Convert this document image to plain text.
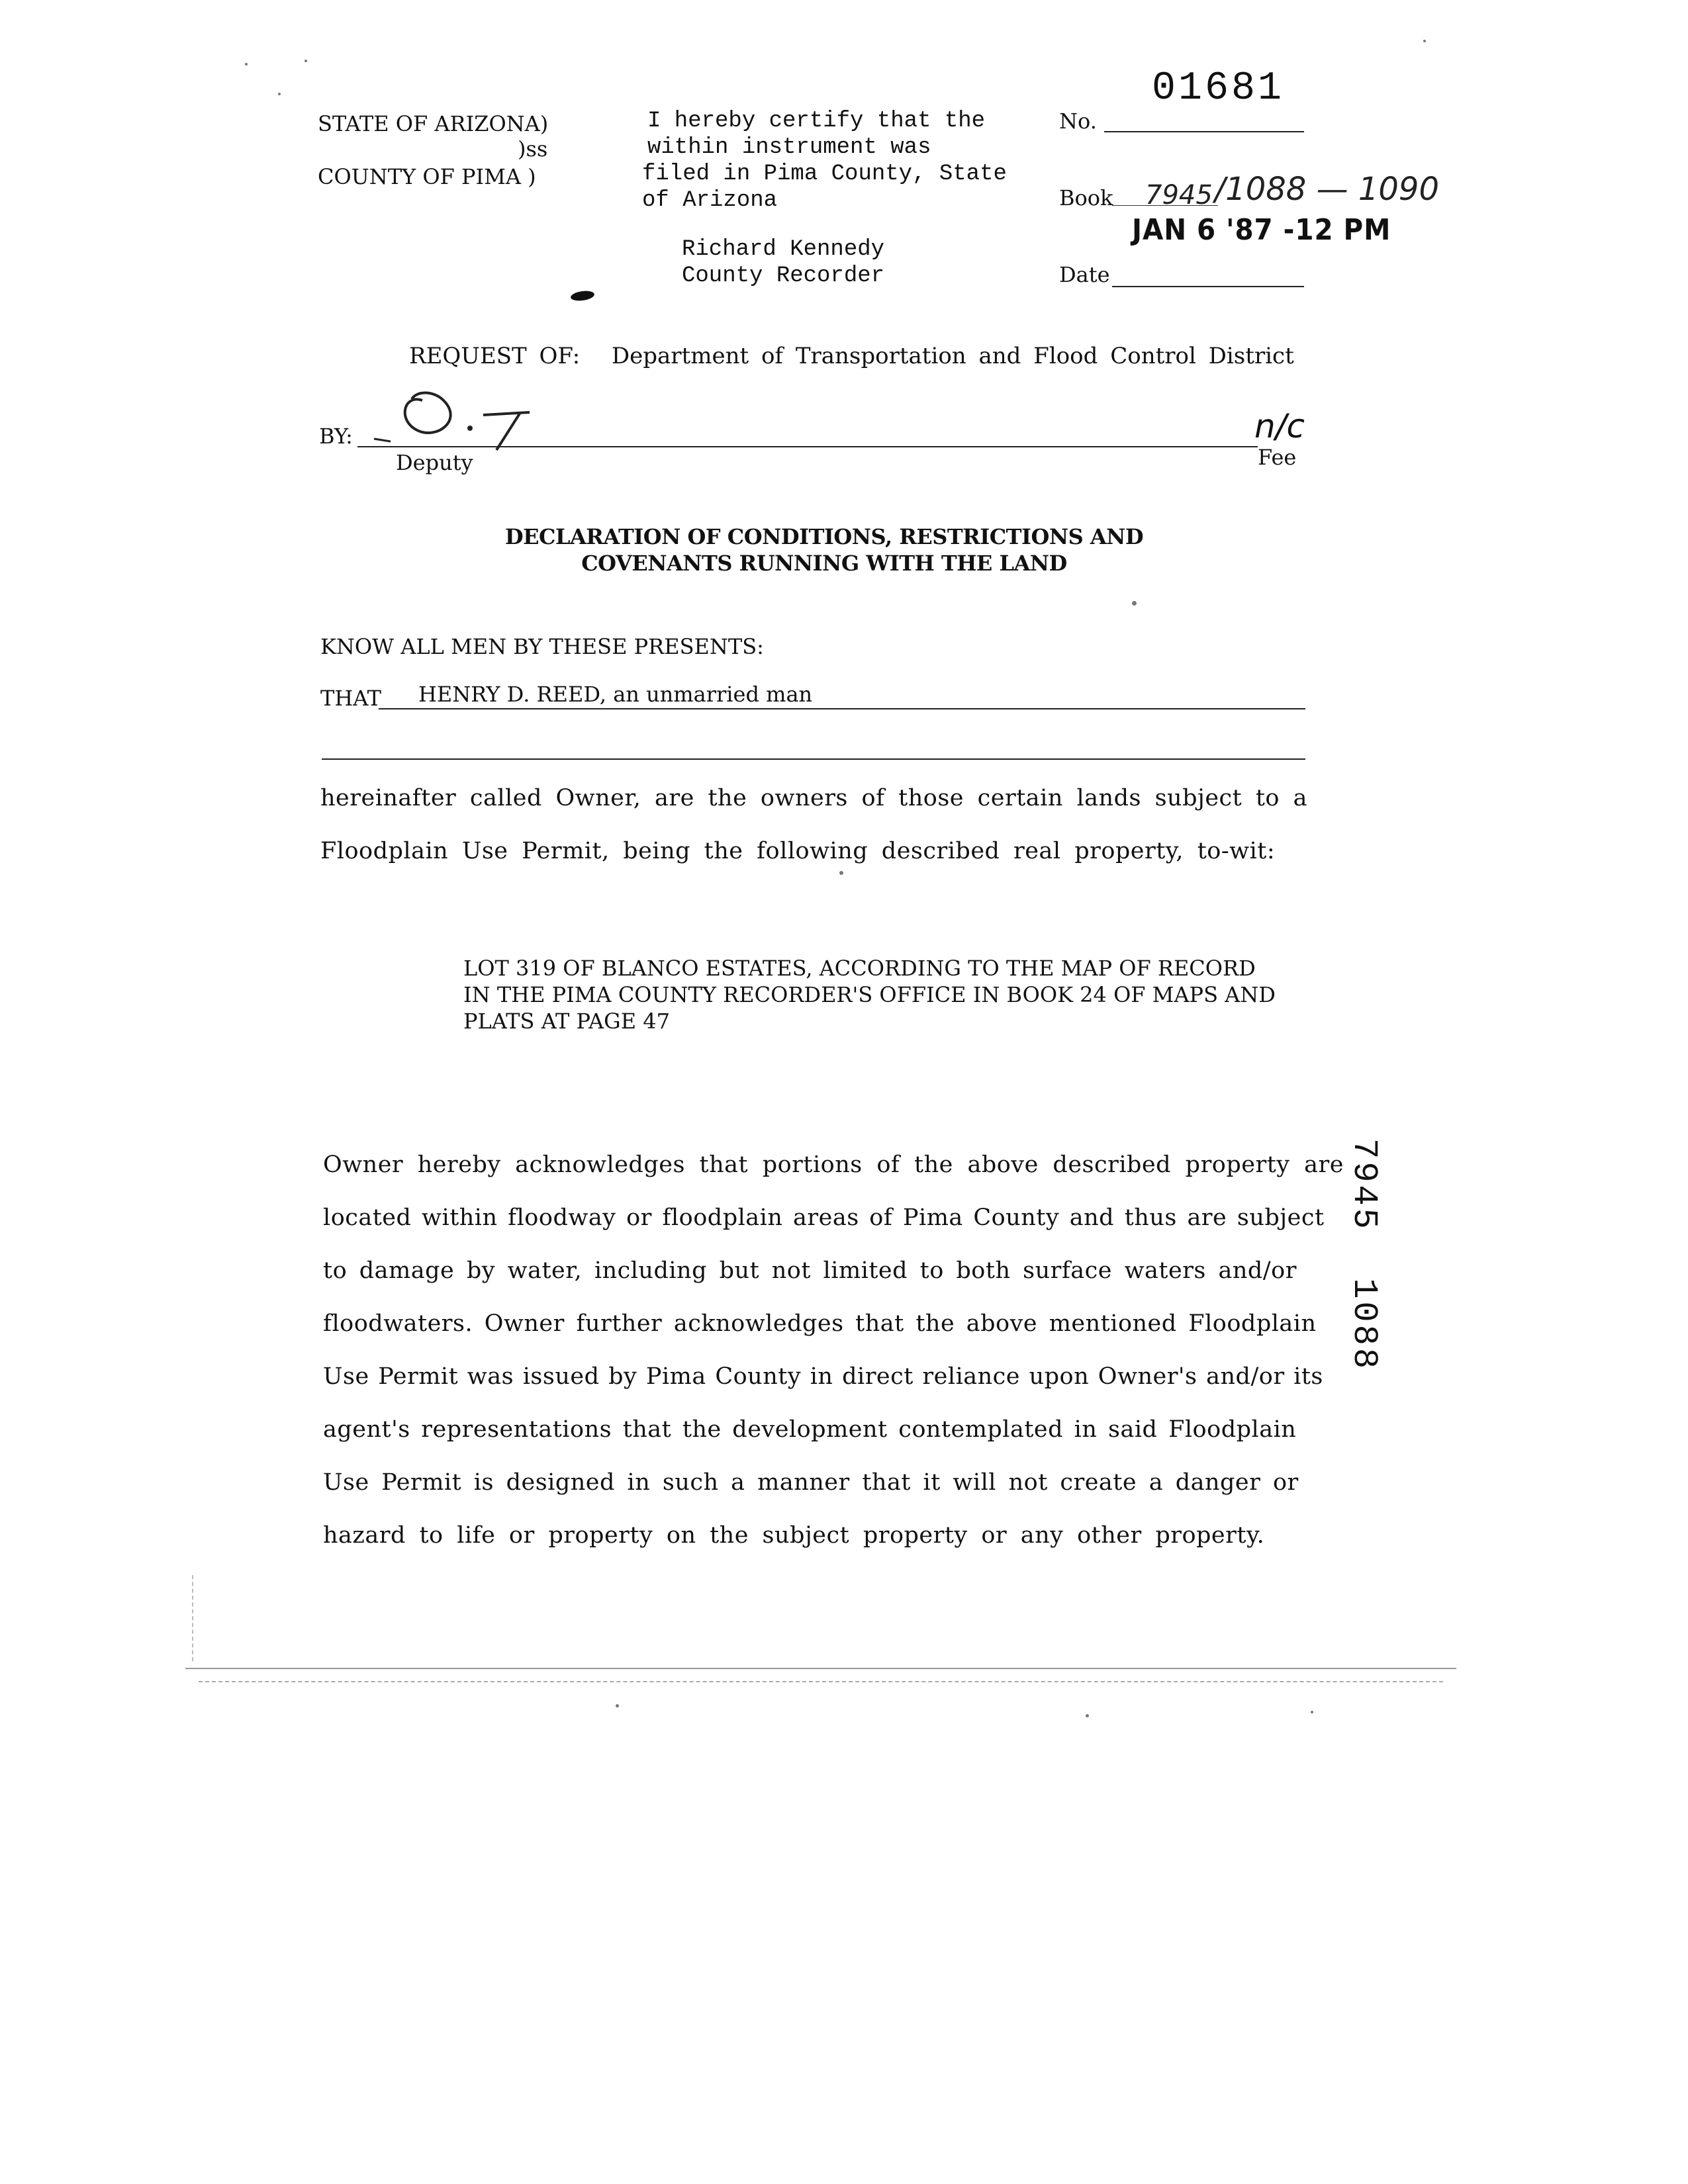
STATE OF ARIZONA)
)ss
COUNTY OF PIMA )
I hereby certify that the
within instrument was
filed in Pima County, State
of Arizona
Richard Kennedy
County Recorder
01681
No.
Book 7945 /1088 — 1090
JAN 6 '87 -12 PM
Date
REQUEST OF: Department of Transportation and Flood Control District
BY:
Deputy
n/c
Fee
DECLARATION OF CONDITIONS, RESTRICTIONS AND
COVENANTS RUNNING WITH THE LAND
KNOW ALL MEN BY THESE PRESENTS:
THAT HENRY D. REED, an unmarried man
hereinafter called Owner, are the owners of those certain lands subject to a
Floodplain Use Permit, being the following described real property, to-wit:
LOT 319 OF BLANCO ESTATES, ACCORDING TO THE MAP OF RECORD
IN THE PIMA COUNTY RECORDER'S OFFICE IN BOOK 24 OF MAPS AND
PLATS AT PAGE 47
Owner hereby acknowledges that portions of the above described property are
located within floodway or floodplain areas of Pima County and thus are subject
to damage by water, including but not limited to both surface waters and/or
floodwaters. Owner further acknowledges that the above mentioned Floodplain
Use Permit was issued by Pima County in direct reliance upon Owner's and/or its
agent's representations that the development contemplated in said Floodplain
Use Permit is designed in such a manner that it will not create a danger or
hazard to life or property on the subject property or any other property.
7945  1088
